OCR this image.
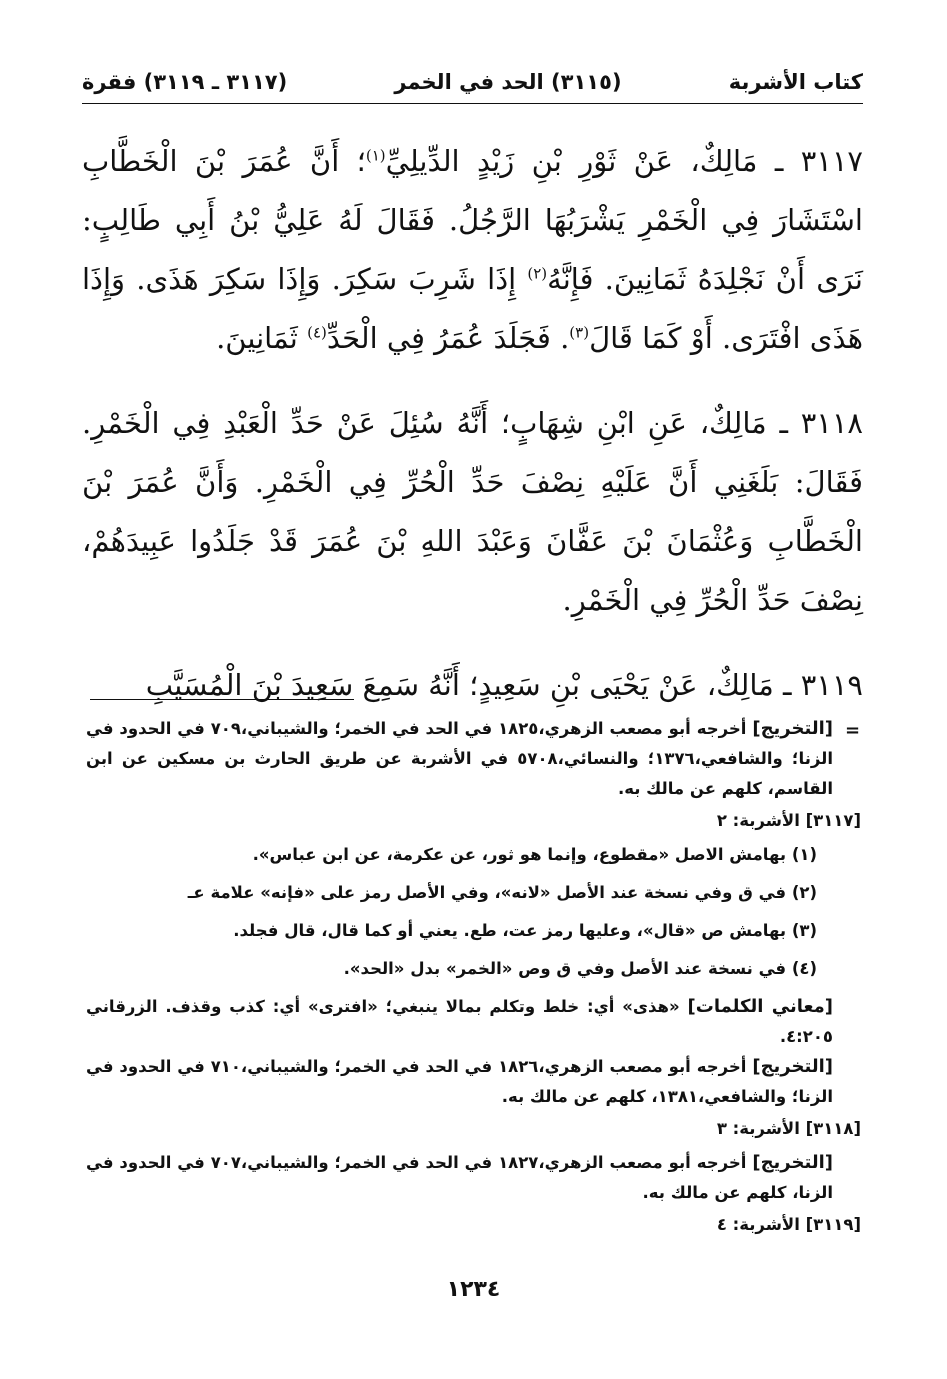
كتاب الأشربة
(٣١١٥) الحد في الخمر
(٣١١٧ ـ ٣١١٩) فقرة

٣١١٧ ـ مَالِكٌ، عَنْ ثَوْرِ بْنِ زَيْدٍ الدِّيلِيِّ$^{(١)}$؛ أَنَّ عُمَرَ بْنَ الْخَطَّابِ اسْتَشَارَ فِي الْخَمْرِ يَشْرَبُهَا الرَّجُلُ. فَقَالَ لَهُ عَلِيُّ بْنُ أَبِي طَالِبٍ: نَرَى أَنْ نَجْلِدَهُ ثَمَانِينَ. فَإِنَّهُ$^{(٢)}$ إِذَا شَرِبَ سَكِرَ. وَإِذَا سَكِرَ هَذَى. وَإِذَا هَذَى افْتَرَى. أَوْ كَمَا قَالَ$^{(٣)}$. فَجَلَدَ عُمَرُ فِي الْحَدِّ$^{(٤)}$ ثَمَانِينَ.

٣١١٨ ـ مَالِكٌ، عَنِ ابْنِ شِهَابٍ؛ أَنَّهُ سُئِلَ عَنْ حَدِّ الْعَبْدِ فِي الْخَمْرِ. فَقَالَ: بَلَغَنِي أَنَّ عَلَيْهِ نِصْفَ حَدِّ الْحُرِّ فِي الْخَمْرِ. وَأَنَّ عُمَرَ بْنَ الْخَطَّابِ وَعُثْمَانَ بْنَ عَفَّانَ وَعَبْدَ اللهِ بْنَ عُمَرَ قَدْ جَلَدُوا عَبِيدَهُمْ، نِصْفَ حَدِّ الْحُرِّ فِي الْخَمْرِ.

٣١١٩ ـ مَالِكٌ، عَنْ يَحْيَى بْنِ سَعِيدٍ؛ أَنَّهُ سَمِعَ سَعِيدَ بْنَ الْمُسَيَّبِ

=

[التخريج] أخرجه أبو مصعب الزهري،١٨٢٥ في الحد في الخمر؛ والشيباني،٧٠٩ في الحدود في الزنا؛ والشافعي،١٣٧٦؛ والنسائي،٥٧٠٨ في الأشربة عن طريق الحارث بن مسكين عن ابن القاسم، كلهم عن مالك به.

[٣١١٧] الأشربة: ٢

(١) بهامش الاصل «مقطوع، وإنما هو ثور، عن عكرمة، عن ابن عباس».

(٢) في ق وفي نسخة عند الأصل «لانه»، وفي الأصل رمز على «فإنه» علامة عـ

(٣) بهامش ص «قال»، وعليها رمز عت، طع. يعني أو كما قال، قال فجلد.

(٤) في نسخة عند الأصل وفي ق وص «الخمر» بدل «الحد».

[معاني الكلمات] «هذى» أي: خلط وتكلم بمالا ينبغي؛ «افترى» أي: كذب وقذف. الزرقاني ٤:٢٠٥.

[التخريج] أخرجه أبو مصعب الزهري،١٨٢٦ في الحد في الخمر؛ والشيباني،٧١٠ في الحدود في الزنا؛ والشافعي،١٣٨١، كلهم عن مالك به.

[٣١١٨] الأشربة: ٣

[التخريج] أخرجه أبو مصعب الزهري،١٨٢٧ في الحد في الخمر؛ والشيباني،٧٠٧ في الحدود في الزنا، كلهم عن مالك به.

[٣١١٩] الأشربة: ٤

١٢٣٤
